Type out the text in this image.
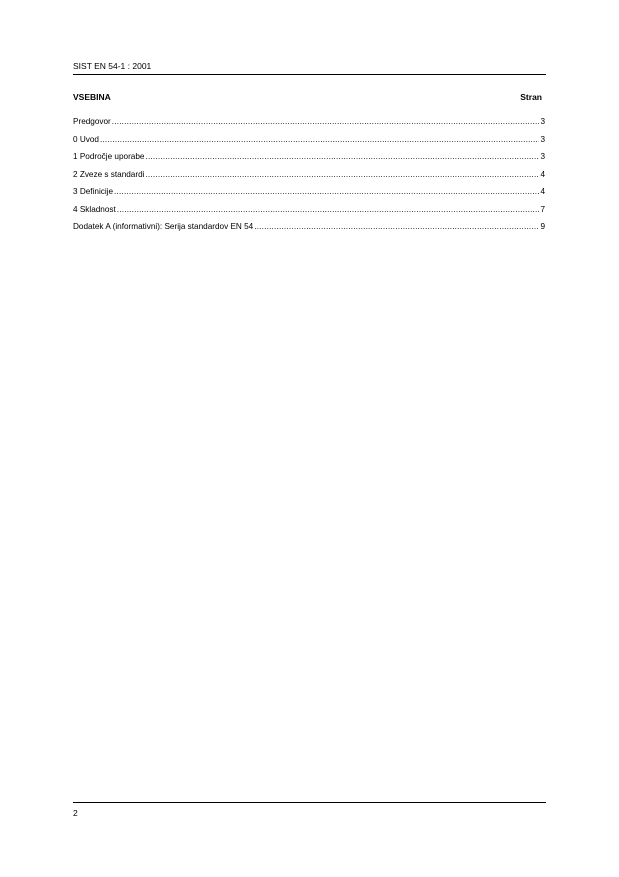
SIST EN 54-1 : 2001
VSEBINA	Stran
Predgovor .....	3
0 Uvod .....	3
1 Področje uporabe .....	3
2 Zveze s standardi .....	4
3 Definicije .....	4
4 Skladnost .....	7
Dodatek A (informativni): Serija standardov EN 54 .....	9
2
